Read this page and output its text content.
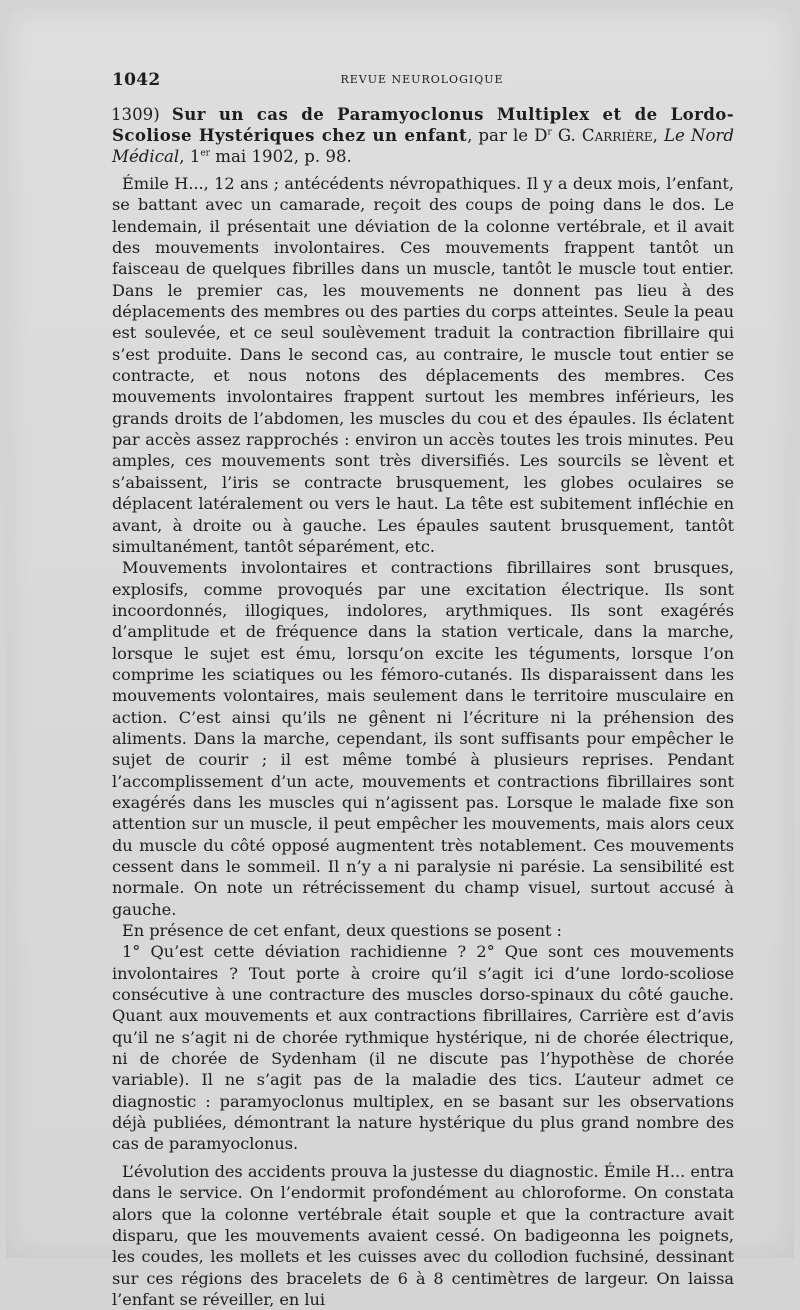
1042	REVUE NEUROLOGIQUE

1309) Sur un cas de Paramyoclonus Multiplex et de Lordo-Scoliose Hystériques chez un enfant, par le $D^r$ G. Carrière, Le Nord Médical, 1er mai 1902, p. 98.

Émile H..., 12 ans ; antécédents névropathiques. Il y a deux mois, l’enfant, se battant avec un camarade, reçoit des coups de poing dans le dos. Le lendemain, il présentait une déviation de la colonne vertébrale, et il avait des mouvements involontaires. Ces mouvements frappent tantôt un faisceau de quelques fibrilles dans un muscle, tantôt le muscle tout entier. Dans le premier cas, les mouvements ne donnent pas lieu à des déplacements des membres ou des parties du corps atteintes. Seule la peau est soulevée, et ce seul soulèvement traduit la contraction fibrillaire qui s’est produite. Dans le second cas, au contraire, le muscle tout entier se contracte, et nous notons des déplacements des membres. Ces mouvements involontaires frappent surtout les membres inférieurs, les grands droits de l’abdomen, les muscles du cou et des épaules. Ils éclatent par accès assez rapprochés : environ un accès toutes les trois minutes. Peu amples, ces mouvements sont très diversifiés. Les sourcils se lèvent et s’abaissent, l’iris se contracte brusquement, les globes oculaires se déplacent latéralement ou vers le haut. La tête est subitement infléchie en avant, à droite ou à gauche. Les épaules sautent brusquement, tantôt simultanément, tantôt séparément, etc.

Mouvements involontaires et contractions fibrillaires sont brusques, explosifs, comme provoqués par une excitation électrique. Ils sont incoordonnés, illogiques, indolores, arythmiques. Ils sont exagérés d’amplitude et de fréquence dans la station verticale, dans la marche, lorsque le sujet est ému, lorsqu’on excite les téguments, lorsque l’on comprime les sciatiques ou les fémoro-cutanés. Ils disparaissent dans les mouvements volontaires, mais seulement dans le territoire musculaire en action. C’est ainsi qu’ils ne gênent ni l’écriture ni la préhension des aliments. Dans la marche, cependant, ils sont suffisants pour empêcher le sujet de courir ; il est même tombé à plusieurs reprises. Pendant l’accomplissement d’un acte, mouvements et contractions fibrillaires sont exagérés dans les muscles qui n’agissent pas. Lorsque le malade fixe son attention sur un muscle, il peut empêcher les mouvements, mais alors ceux du muscle du côté opposé augmentent très notablement. Ces mouvements cessent dans le sommeil. Il n’y a ni paralysie ni parésie. La sensibilité est normale. On note un rétrécissement du champ visuel, surtout accusé à gauche.

En présence de cet enfant, deux questions se posent :

1° Qu’est cette déviation rachidienne ? 2° Que sont ces mouvements involontaires ? Tout porte à croire qu’il s’agit ici d’une lordo-scoliose consécutive à une contracture des muscles dorso-spinaux du côté gauche. Quant aux mouvements et aux contractions fibrillaires, Carrière est d’avis qu’il ne s’agit ni de chorée rythmique hystérique, ni de chorée électrique, ni de chorée de Sydenham (il ne discute pas l’hypothèse de chorée variable). Il ne s’agit pas de la maladie des tics. L’auteur admet ce diagnostic : paramyoclonus multiplex, en se basant sur les observations déjà publiées, démontrant la nature hystérique du plus grand nombre des cas de paramyoclonus.

L’évolution des accidents prouva la justesse du diagnostic. Émile H... entra dans le service. On l’endormit profondément au chloroforme. On constata alors que la colonne vertébrale était souple et que la contracture avait disparu, que les mouvements avaient cessé. On badigeonna les poignets, les coudes, les mollets et les cuisses avec du collodion fuchsiné, dessinant sur ces régions des bracelets de 6 à 8 centimètres de largeur. On laissa l’enfant se réveiller, en lui
